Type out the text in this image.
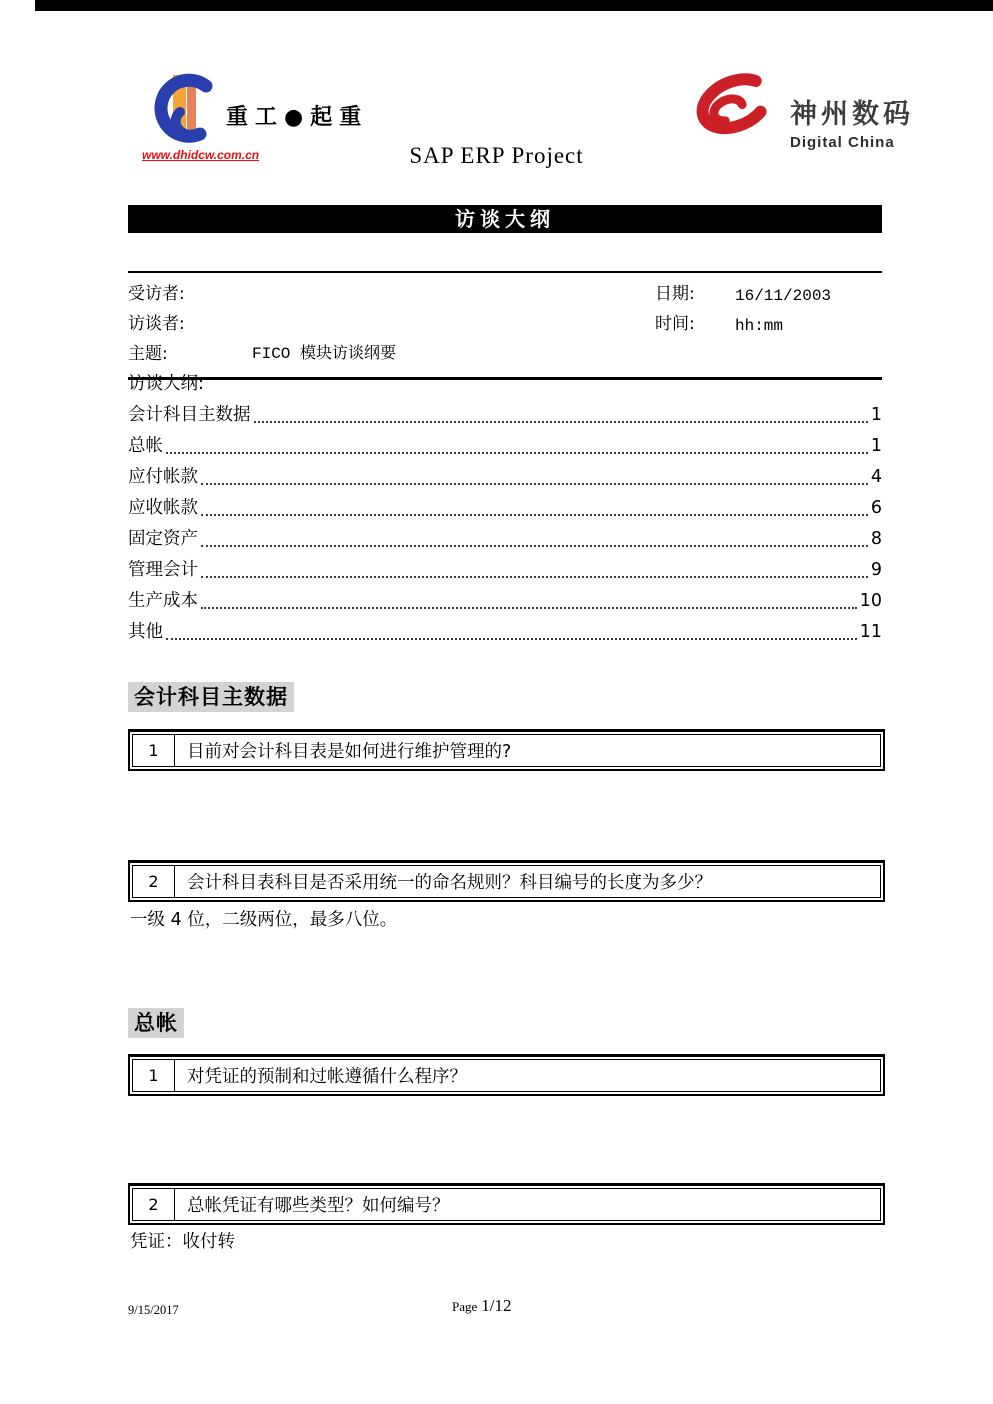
重工●起重
www.dhidcw.com.cn
神州数码
Digital China
SAP ERP Project
访谈大纲
受访者:	日期:	16/11/2003
访谈者:	时间:	hh:mm
主题:	FICO 模块访谈纲要
访谈大纲:
会计科目主数据	1
总帐	1
应付帐款	4
应收帐款	6
固定资产	8
管理会计	9
生产成本	10
其他	11
会计科目主数据
1	目前对会计科目表是如何进行维护管理的?
2	会计科目表科目是否采用统一的命名规则？科目编号的长度为多少？
一级 4 位，二级两位，最多八位。
总帐
1	对凭证的预制和过帐遵循什么程序？
2	总帐凭证有哪些类型？如何编号？
凭证：收付转
9/15/2017	Page 1/12
